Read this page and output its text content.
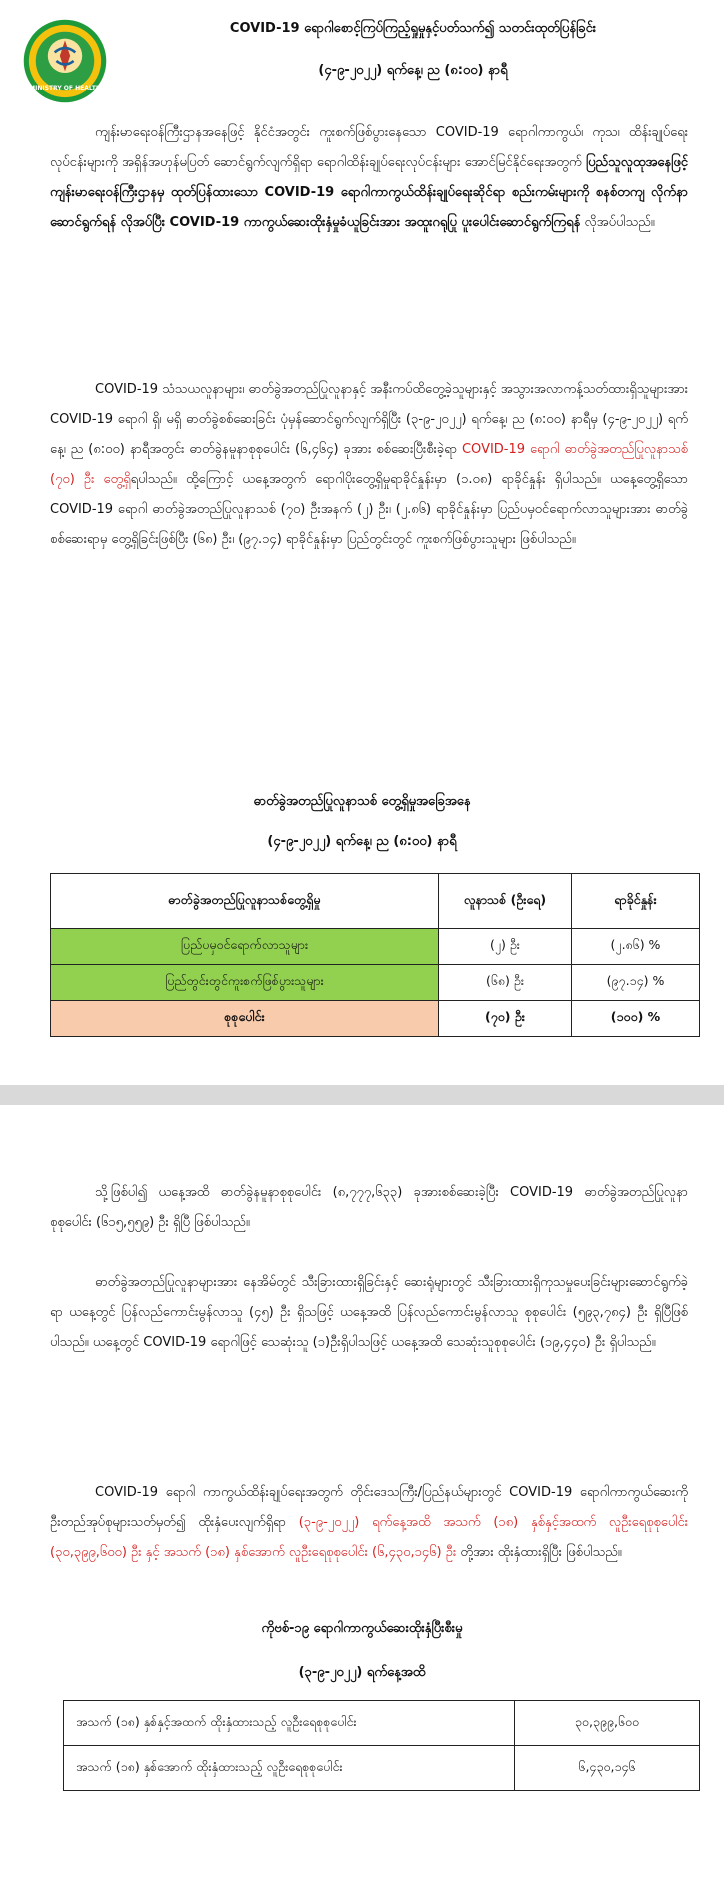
MINISTRY OF HEALTH
COVID-19 ရောဂါစောင့်ကြပ်ကြည့်ရှုမှုနှင့်ပတ်သက်၍ သတင်းထုတ်ပြန်ခြင်း
(၄-၉-၂၀၂၂) ရက်နေ့၊ ည (၈:၀၀) နာရီ
ကျန်းမာရေးဝန်ကြီးဌာနအနေဖြင့် နိုင်ငံအတွင်း ကူးစက်ဖြစ်ပွားနေသော COVID-19 ရောဂါကာကွယ်၊ ကုသ၊ ထိန်းချုပ်ရေးလုပ်ငန်းများကို အရှိန်အဟုန်မပြတ် ဆောင်ရွက်လျက်ရှိရာ ရောဂါထိန်းချုပ်ရေးလုပ်ငန်းများ အောင်မြင်နိုင်ရေးအတွက် ပြည်သူလူထုအနေဖြင့် ကျန်းမာရေးဝန်ကြီးဌာနမှ ထုတ်ပြန်ထားသော COVID-19 ရောဂါကာကွယ်ထိန်းချုပ်ရေးဆိုင်ရာ စည်းကမ်းများကို စနစ်တကျ လိုက်နာဆောင်ရွက်ရန် လိုအပ်ပြီး COVID-19 ကာကွယ်ဆေးထိုးနှံမှုခံယူခြင်းအား အထူးဂရုပြု ပူးပေါင်းဆောင်ရွက်ကြရန် လိုအပ်ပါသည်။
COVID-19 သံသယလူနာများ၊ ဓာတ်ခွဲအတည်ပြုလူနာနှင့် အနီးကပ်ထိတွေ့ခဲ့သူများနှင့် အသွားအလာကန့်သတ်ထားရှိသူများအား COVID-19 ရောဂါ ရှိ၊ မရှိ ဓာတ်ခွဲစစ်ဆေးခြင်း ပုံမှန်ဆောင်ရွက်လျက်ရှိပြီး (၃-၉-၂၀၂၂) ရက်နေ့၊ ည (၈:၀၀) နာရီမှ (၄-၉-၂၀၂၂) ရက်နေ့၊ ည (၈:၀၀) နာရီအတွင်း ဓာတ်ခွဲနမူနာစုစုပေါင်း (၆,၄၆၄) ခုအား စစ်ဆေးပြီးစီးခဲ့ရာ COVID-19 ရောဂါ ဓာတ်ခွဲအတည်ပြုလူနာသစ် (၇၀) ဦး တွေ့ရှိရပါသည်။ ထို့ကြောင့် ယနေ့အတွက် ရောဂါပိုးတွေ့ရှိမှုရာခိုင်နှုန်းမှာ (၁.၀၈) ရာခိုင်နှုန်း ရှိပါသည်။ ယနေ့တွေ့ရှိသော COVID-19 ရောဂါ ဓာတ်ခွဲအတည်ပြုလူနာသစ် (၇၀) ဦးအနက် (၂) ဦး၊ (၂.၈၆) ရာခိုင်နှုန်းမှာ ပြည်ပမှဝင်ရောက်လာသူများအား ဓာတ်ခွဲစစ်ဆေးရာမှ တွေ့ရှိခြင်းဖြစ်ပြီး (၆၈) ဦး၊ (၉၇.၁၄) ရာခိုင်နှုန်းမှာ ပြည်တွင်းတွင် ကူးစက်ဖြစ်ပွားသူများ ဖြစ်ပါသည်။
ဓာတ်ခွဲအတည်ပြုလူနာသစ် တွေ့ရှိမှုအခြေအနေ
(၄-၉-၂၀၂၂) ရက်နေ့၊ ည (၈:၀၀) နာရီ
ဓာတ်ခွဲအတည်ပြုလူနာသစ်တွေ့ရှိမှု	လူနာသစ် (ဦးရေ)	ရာခိုင်နှုန်း
ပြည်ပမှဝင်ရောက်လာသူများ	(၂) ဦး	(၂.၈၆) %
ပြည်တွင်းတွင်ကူးစက်ဖြစ်ပွားသူများ	(၆၈) ဦး	(၉၇.၁၄) %
စုစုပေါင်း	(၇၀) ဦး	(၁၀၀) %
သို့ဖြစ်ပါ၍ ယနေ့အထိ ဓာတ်ခွဲနမူနာစုစုပေါင်း (၈,၇၇၇,၆၃၃) ခုအားစစ်ဆေးခဲ့ပြီး COVID-19 ဓာတ်ခွဲအတည်ပြုလူနာ စုစုပေါင်း (၆၁၅,၅၅၉) ဦး ရှိပြီ ဖြစ်ပါသည်။
ဓာတ်ခွဲအတည်ပြုလူနာများအား နေအိမ်တွင် သီးခြားထားရှိခြင်းနှင့် ဆေးရုံများတွင် သီးခြားထားရှိကုသမှုပေးခြင်းများဆောင်ရွက်ခဲ့ရာ ယနေ့တွင် ပြန်လည်ကောင်းမွန်လာသူ (၄၅) ဦး ရှိသဖြင့် ယနေ့အထိ ပြန်လည်ကောင်းမွန်လာသူ စုစုပေါင်း (၅၉၃,၇၈၄) ဦး ရှိပြီဖြစ်ပါသည်။ ယနေ့တွင် COVID-19 ရောဂါဖြင့် သေဆုံးသူ (၁)ဦးရှိပါသဖြင့် ယနေ့အထိ သေဆုံးသူစုစုပေါင်း (၁၉,၄၄၀) ဦး ရှိပါသည်။
COVID-19 ရောဂါ ကာကွယ်ထိန်းချုပ်ရေးအတွက် တိုင်းဒေသကြီး/ပြည်နယ်များတွင် COVID-19 ရောဂါကာကွယ်ဆေးကို ဦးတည်အုပ်စုများသတ်မှတ်၍ ထိုးနှံပေးလျက်ရှိရာ (၃-၉-၂၀၂၂) ရက်နေ့အထိ အသက် (၁၈) နှစ်နှင့်အထက် လူဦးရေစုစုပေါင်း (၃၀,၃၉၉,၆၀၀) ဦး နှင့် အသက် (၁၈) နှစ်အောက် လူဦးရေစုစုပေါင်း (၆,၄၃၀,၁၄၆) ဦး တို့အား ထိုးနှံထားရှိပြီး ဖြစ်ပါသည်။
ကိုဗစ်-၁၉ ရောဂါကာကွယ်ဆေးထိုးနှံပြီးစီးမှု
(၃-၉-၂၀၂၂) ရက်နေ့အထိ
အသက် (၁၈) နှစ်နှင့်အထက် ထိုးနှံထားသည့် လူဦးရေစုစုပေါင်း	၃၀,၃၉၉,၆၀၀
အသက် (၁၈) နှစ်အောက် ထိုးနှံထားသည့် လူဦးရေစုစုပေါင်း	၆,၄၃၀,၁၄၆
